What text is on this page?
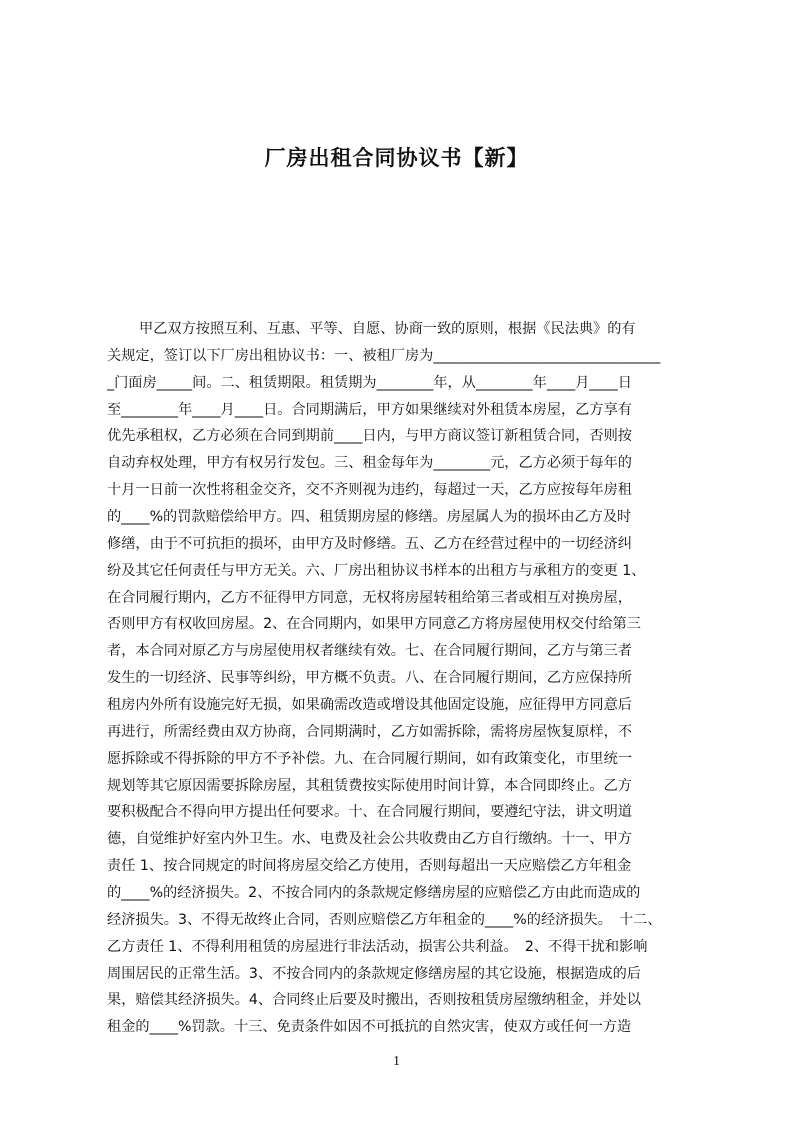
厂房出租合同协议书【新】
甲乙双方按照互利、互惠、平等、自愿、协商一致的原则，根据《民法典》的有
关规定，签订以下厂房出租协议书：一、被租厂房为________________________________
_门面房_____间。二、租赁期限。租赁期为________年，从________年____月____日
至________年____月____日。合同期满后，甲方如果继续对外租赁本房屋，乙方享有
优先承租权，乙方必须在合同到期前____日内，与甲方商议签订新租赁合同，否则按
自动弃权处理，甲方有权另行发包。三、租金每年为________元，乙方必须于每年的
十月一日前一次性将租金交齐，交不齐则视为违约，每超过一天，乙方应按每年房租
的____%的罚款赔偿给甲方。四、租赁期房屋的修缮。房屋属人为的损坏由乙方及时
修缮，由于不可抗拒的损坏，由甲方及时修缮。五、乙方在经营过程中的一切经济纠
纷及其它任何责任与甲方无关。六、厂房出租协议书样本的出租方与承租方的变更 1、
在合同履行期内，乙方不征得甲方同意，无权将房屋转租给第三者或相互对换房屋，
否则甲方有权收回房屋。2、在合同期内，如果甲方同意乙方将房屋使用权交付给第三
者，本合同对原乙方与房屋使用权者继续有效。七、在合同履行期间，乙方与第三者
发生的一切经济、民事等纠纷，甲方概不负责。八、在合同履行期间，乙方应保持所
租房内外所有设施完好无损，如果确需改造或增设其他固定设施，应征得甲方同意后
再进行，所需经费由双方协商，合同期满时，乙方如需拆除，需将房屋恢复原样，不
愿拆除或不得拆除的甲方不予补偿。九、在合同履行期间，如有政策变化，市里统一
规划等其它原因需要拆除房屋，其租赁费按实际使用时间计算，本合同即终止。乙方
要积极配合不得向甲方提出任何要求。十、在合同履行期间，要遵纪守法，讲文明道
德，自觉维护好室内外卫生。水、电费及社会公共收费由乙方自行缴纳。十一、甲方
责任 1、按合同规定的时间将房屋交给乙方使用，否则每超出一天应赔偿乙方年租金
的____%的经济损失。2、不按合同内的条款规定修缮房屋的应赔偿乙方由此而造成的
经济损失。3、不得无故终止合同，否则应赔偿乙方年租金的____%的经济损失。　十二、
乙方责任 1、不得利用租赁的房屋进行非法活动，损害公共利益。　2、不得干扰和影响
周围居民的正常生活。3、不按合同内的条款规定修缮房屋的其它设施，根据造成的后
果，赔偿其经济损失。4、合同终止后要及时搬出，否则按租赁房屋缴纳租金，并处以
租金的____%罚款。十三、免责条件如因不可抵抗的自然灾害，使双方或任何一方造
1
